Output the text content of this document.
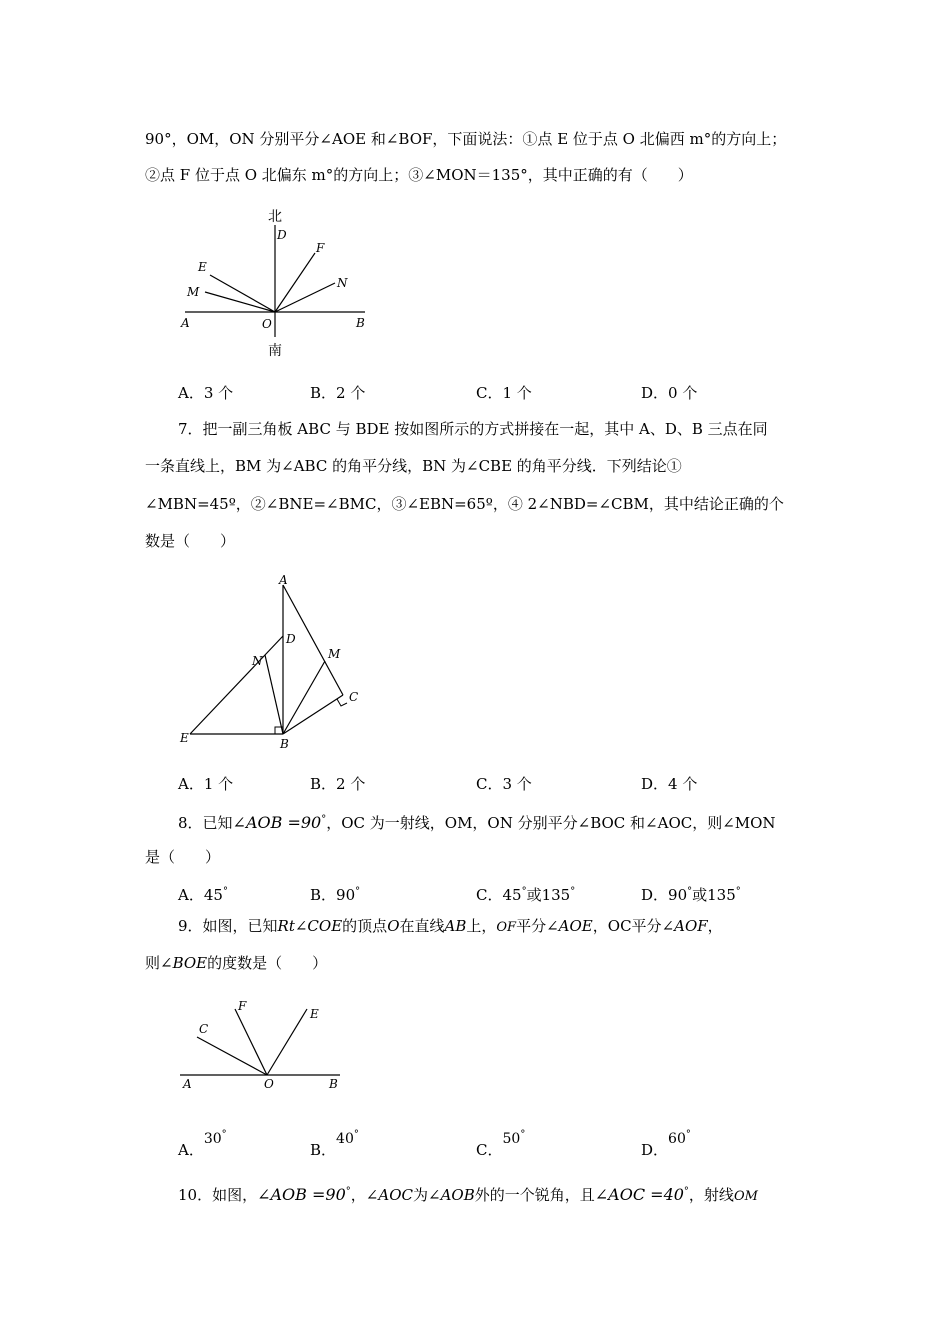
90°，OM，ON 分别平分∠AOE 和∠BOF，下面说法：①点 E 位于点 O 北偏西 m°的方向上；
②点 F 位于点 O 北偏东 m°的方向上；③∠MON＝135°，其中正确的有（　　）
北
D
E
M
F
N
A	O	B
南
A．3 个	B．2 个	C．1 个	D．0 个
7．把一副三角板 ABC 与 BDE 按如图所示的方式拼接在一起，其中 A、D、B 三点在同
一条直线上，BM 为∠ABC 的角平分线，BN 为∠CBE 的角平分线．下列结论①
∠MBN=45º，②∠BNE=∠BMC，③∠EBN=65º，④ 2∠NBD=∠CBM，其中结论正确的个
数是（　　）
A
D
N	M
C
E	B
A．1 个	B．2 个	C．3 个	D．4 个
8．已知∠AOB =90°，OC 为一射线，OM，ON 分别平分∠BOC 和∠AOC，则∠MON
是（　　）
A．45°	B．90°	C．45°或135°	D．90°或135°
9．如图，已知Rt∠COE的顶点O在直线AB上，OF平分∠AOE，OC平分∠AOF，
则∠BOE的度数是（　　）
C
F
E
A	O	B
A．30°
B．40°
C．50°
D．60°
10．如图，∠AOB =90°，∠AOC为∠AOB外的一个锐角，且∠AOC =40°，射线OM
